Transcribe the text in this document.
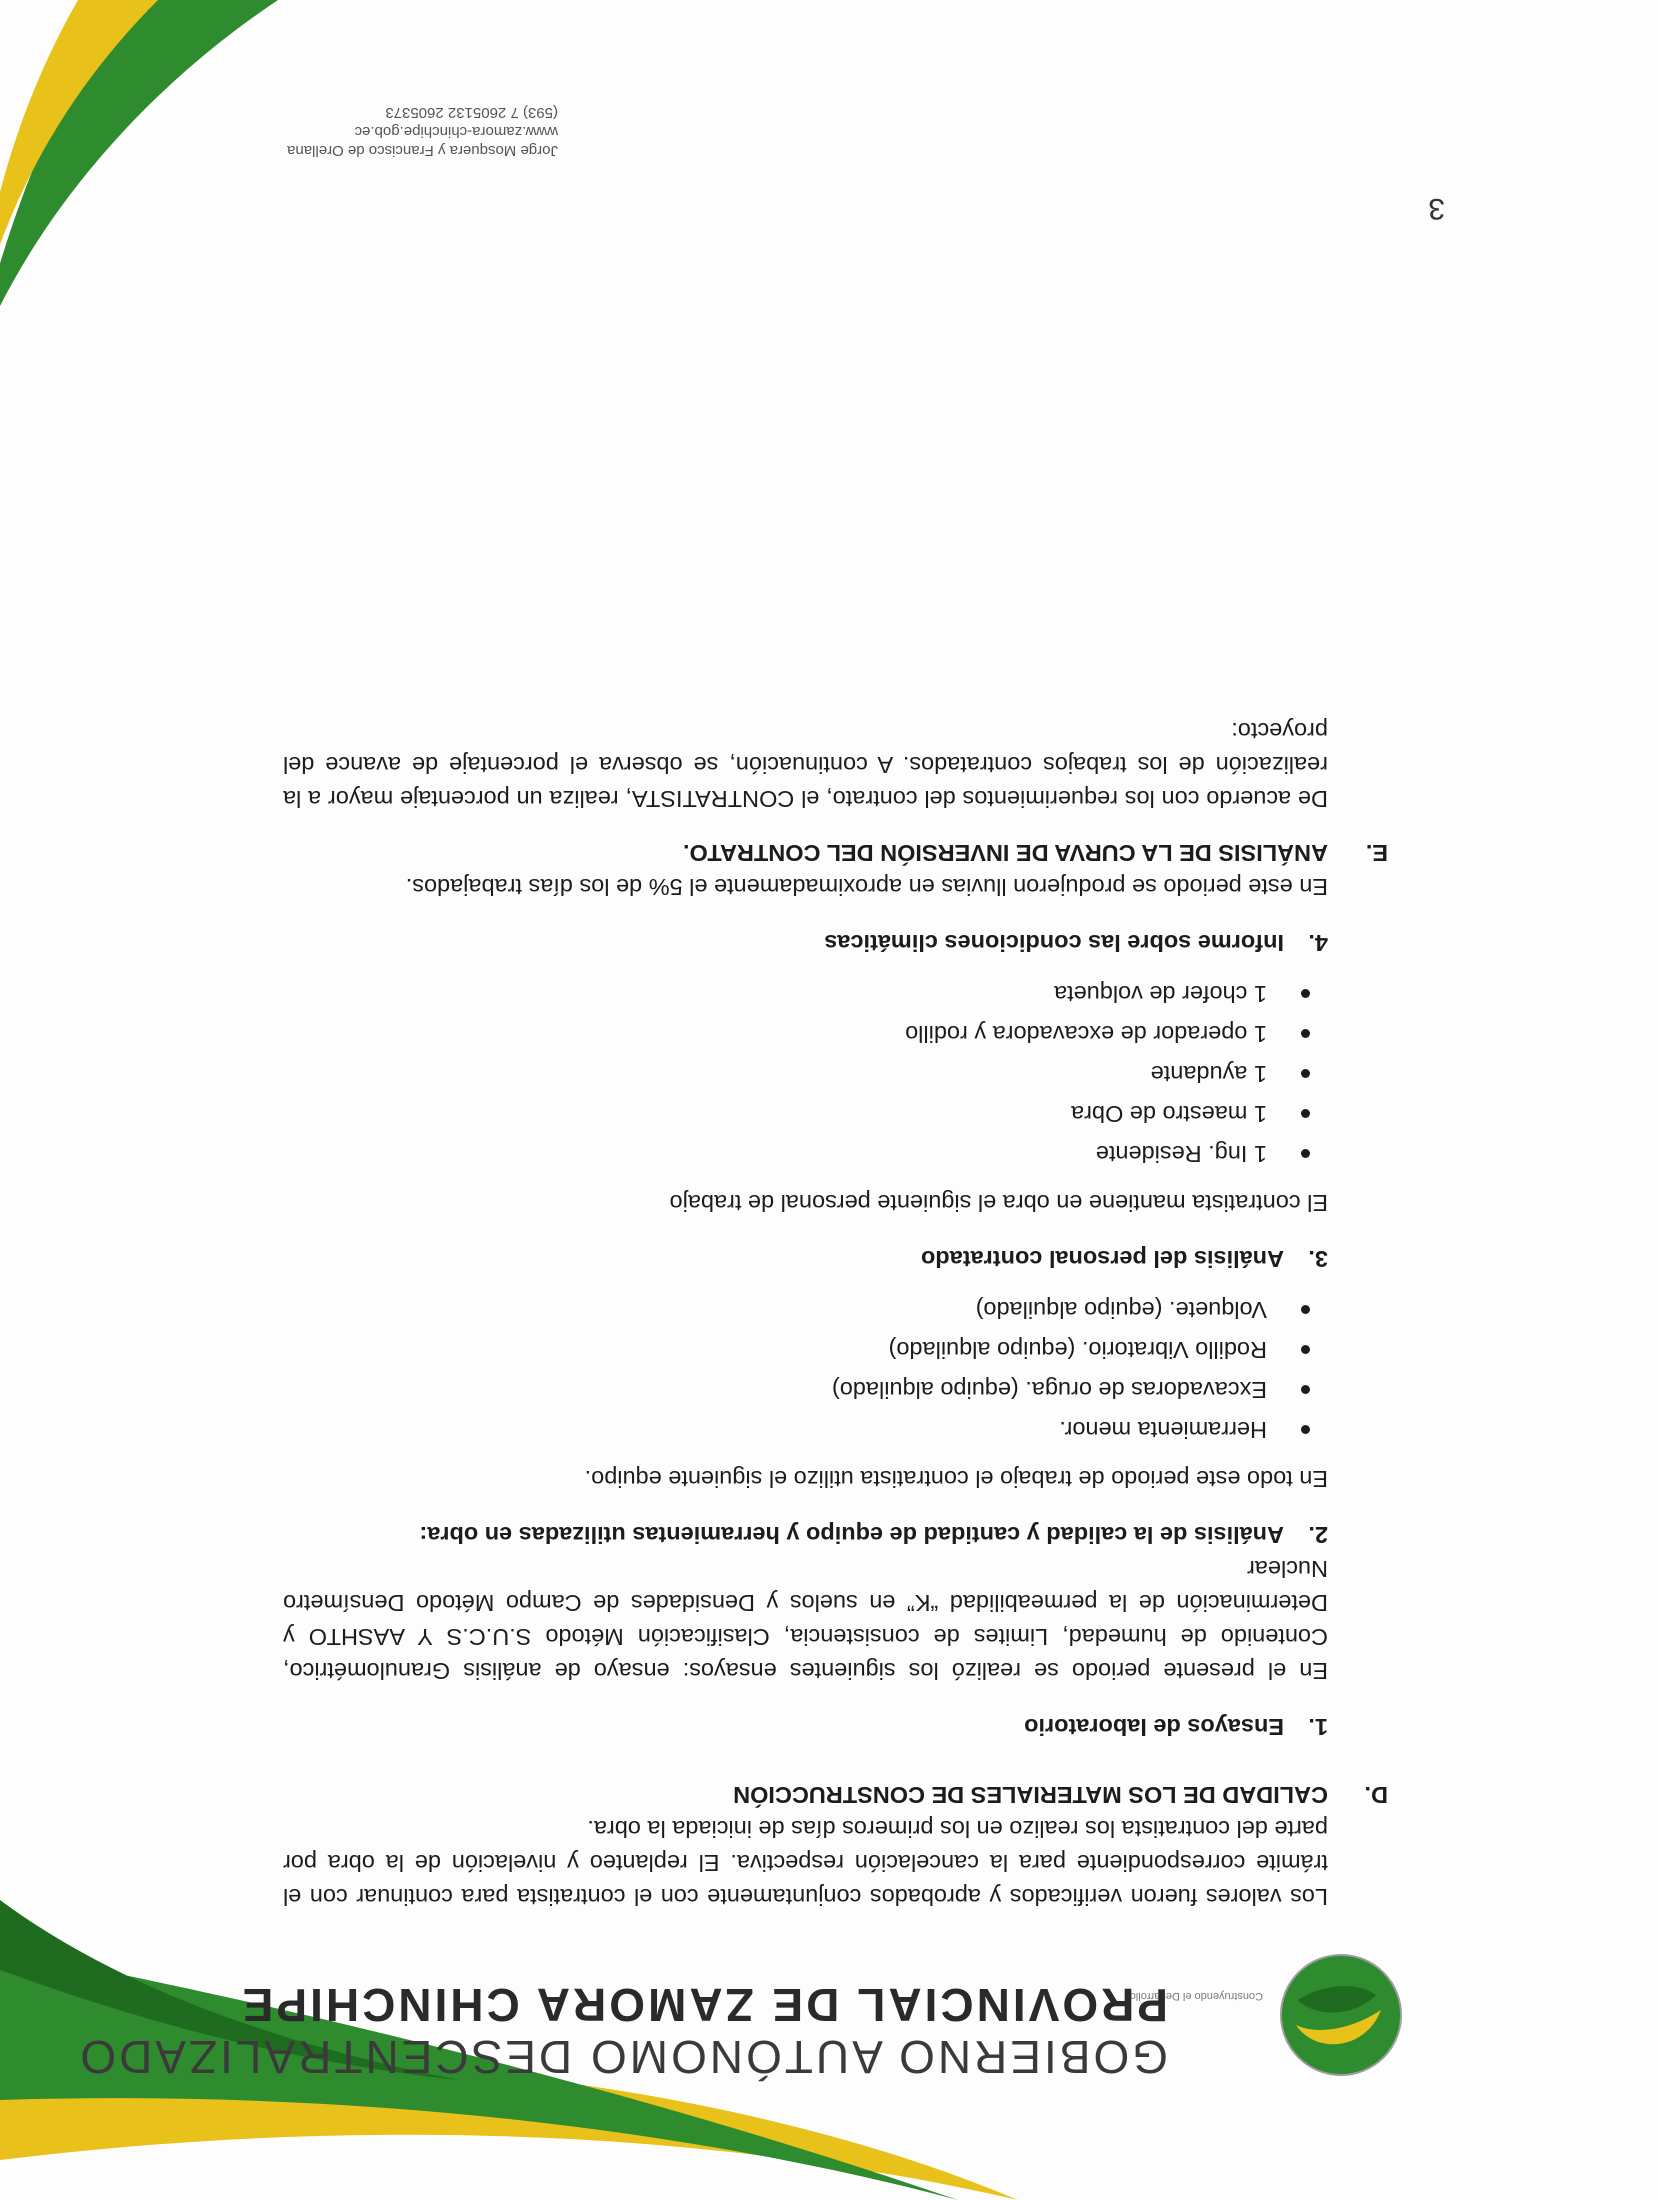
Construyendo el Desarrollo
GOBIERNO AUTÓNOMO DESCENTRALIZADO
PROVINCIAL DE ZAMORA CHINCHIPE

Los valores fueron verificados y aprobados conjuntamente con el contratista para continuar con el trámite correspondiente para la cancelación respectiva. El replanteo y nivelación de la obra por parte del contratista los realizo en los primeros días de iniciada la obra.

D.
CALIDAD DE LOS MATERIALES DE CONSTRUCCIÓN
1.
Ensayos de laboratorio

En el presente periodo se realizó los siguientes ensayos: ensayo de análisis Granulométrico, Contenido de humedad, Limites de consistencia, Clasificación Método S.U.C.S Y AASHTO y Determinación de la permeabilidad “K” en suelos y Densidades de Campo Método Densímetro Nuclear

2.
Análisis de la calidad y cantidad de equipo y herramientas utilizadas en obra:

En todo este periodo de trabajo el contratista utilizo el siguiente equipo.

Herramienta menor.
Excavadoras de oruga. (equipo alquilado)
Rodillo Vibratorio. (equipo alquilado)
Volquete. (equipo alquilado)
3.
Análisis del personal contratado

El contratista mantiene en obra el siguiente personal de trabajo

1 Ing. Residente
1 maestro de Obra
1 ayudante
1 operador de excavadora y rodillo
1 chofer de volqueta
4.
Informe sobre las condiciones climáticas

En este periodo se produjeron lluvias en aproximadamente el 5% de los días trabajados.

E.
ANÁLISIS DE LA CURVA DE INVERSIÓN DEL CONTRATO.

De acuerdo con los requerimientos del contrato, el CONTRATISTA, realiza un porcentaje mayor a la realización de los trabajos contratados. A continuación, se observa el porcentaje de avance del proyecto:

3
Jorge Mosquera y Francisco de Orellana
www.zamora-chinchipe.gob.ec
(593) 7 2605132 2605373
